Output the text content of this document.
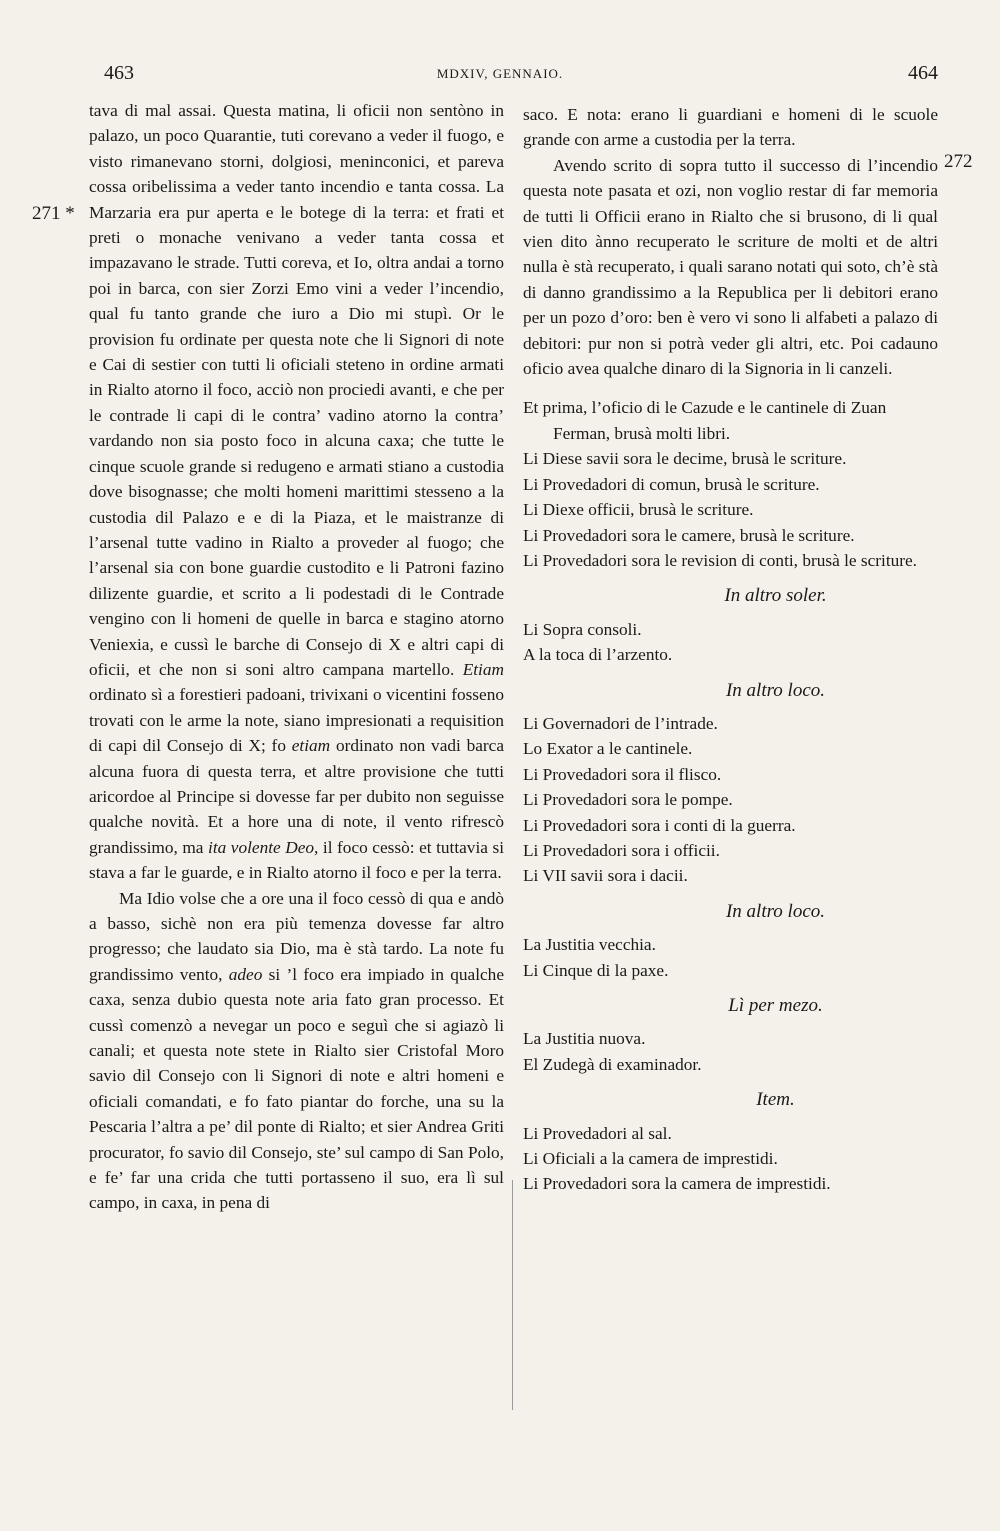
463	MDXIV, GENNAIO.	464
271 *
272

tava di mal assai. Questa matina, li oficii non sentòno in palazo, un poco Quarantie, tuti corevano a veder il fuogo, e visto rimanevano storni, dolgiosi, meninconici, et pareva cossa oribelissima a veder tanto incendio e tanta cossa. La Marzaria era pur aperta e le botege di la terra: et frati et preti o monache venivano a veder tanta cossa et impazavano le strade. Tutti coreva, et Io, oltra andai a torno poi in barca, con sier Zorzi Emo vini a veder l’incendio, qual fu tanto grande che iuro a Dio mi stupì. Or le provision fu ordinate per questa note che li Signori di note e Cai di sestier con tutti li oficiali steteno in ordine armati in Rialto atorno il foco, acciò non prociedi avanti, e che per le contrade li capi di le contra’ vadino atorno la contra’ vardando non sia posto foco in alcuna caxa; che tutte le cinque scuole grande si redugeno e armati stiano a custodia dove bisognasse; che molti homeni marittimi stesseno a la custodia dil Palazo e e di la Piaza, et le maistranze di l’arsenal tutte vadino in Rialto a proveder al fuogo; che l’arsenal sia con bone guardie custodito e li Patroni fazino dilizente guardie, et scrito a li podestadi di le Contrade vengino con li homeni de quelle in barca e stagino atorno Veniexia, e cussì le barche di Consejo di X e altri capi di oficii, et che non si soni altro campana martello. Etiam ordinato sì a forestieri padoani, trivixani o vicentini fosseno trovati con le arme la note, siano impresionati a requisition di capi dil Consejo di X; fo etiam ordinato non vadi barca alcuna fuora di questa terra, et altre provisione che tutti aricordoe al Principe si dovesse far per dubito non seguisse qualche novità. Et a hore una di note, il vento rifrescò grandissimo, ma ita volente Deo, il foco cessò: et tuttavia si stava a far le guarde, e in Rialto atorno il foco e per la terra.

Ma Idio volse che a ore una il foco cessò di qua e andò a basso, sichè non era più temenza dovesse far altro progresso; che laudato sia Dio, ma è stà tardo. La note fu grandissimo vento, adeo si ’l foco era impiado in qualche caxa, senza dubio questa note aria fato gran processo. Et cussì comenzò a nevegar un poco e seguì che si agiazò li canali; et questa note stete in Rialto sier Cristofal Moro savio dil Consejo con li Signori di note e altri homeni e oficiali comandati, e fo fato piantar do forche, una su la Pescaria l’altra a pe’ dil ponte di Rialto; et sier Andrea Griti procurator, fo savio dil Consejo, ste’ sul campo di San Polo, e fe’ far una crida che tutti portasseno il suo, era lì sul campo, in caxa, in pena di

saco. E nota: erano li guardiani e homeni di le scuole grande con arme a custodia per la terra.

Avendo scrito di sopra tutto il successo di l’incendio questa note pasata et ozi, non voglio restar di far memoria de tutti li Officii erano in Rialto che si brusono, di li qual vien dito ànno recuperato le scriture de molti et de altri nulla è stà recuperato, i quali sarano notati qui soto, ch’è stà di danno grandissimo a la Republica per li debitori erano per un pozo d’oro: ben è vero vi sono li alfabeti a palazo di debitori: pur non si potrà veder gli altri, etc. Poi cadauno oficio avea qualche dinaro di la Signoria in li canzeli.

Et prima, l’oficio di le Cazude e le cantinele di Zuan Ferman, brusà molti libri.

Li Diese savii sora le decime, brusà le scriture.

Li Provedadori di comun, brusà le scriture.

Li Diexe officii, brusà le scriture.

Li Provedadori sora le camere, brusà le scriture.

Li Provedadori sora le revision di conti, brusà le scriture.

In altro soler.

Li Sopra consoli.

A la toca di l’arzento.

In altro loco.

Li Governadori de l’intrade.

Lo Exator a le cantinele.

Li Provedadori sora il flisco.

Li Provedadori sora le pompe.

Li Provedadori sora i conti di la guerra.

Li Provedadori sora i officii.

Li VII savii sora i dacii.

In altro loco.

La Justitia vecchia.

Li Cinque di la paxe.

Lì per mezo.

La Justitia nuova.

El Zudegà di examinador.

Item.

Li Provedadori al sal.

Li Oficiali a la camera de imprestidi.

Li Provedadori sora la camera de imprestidi.
